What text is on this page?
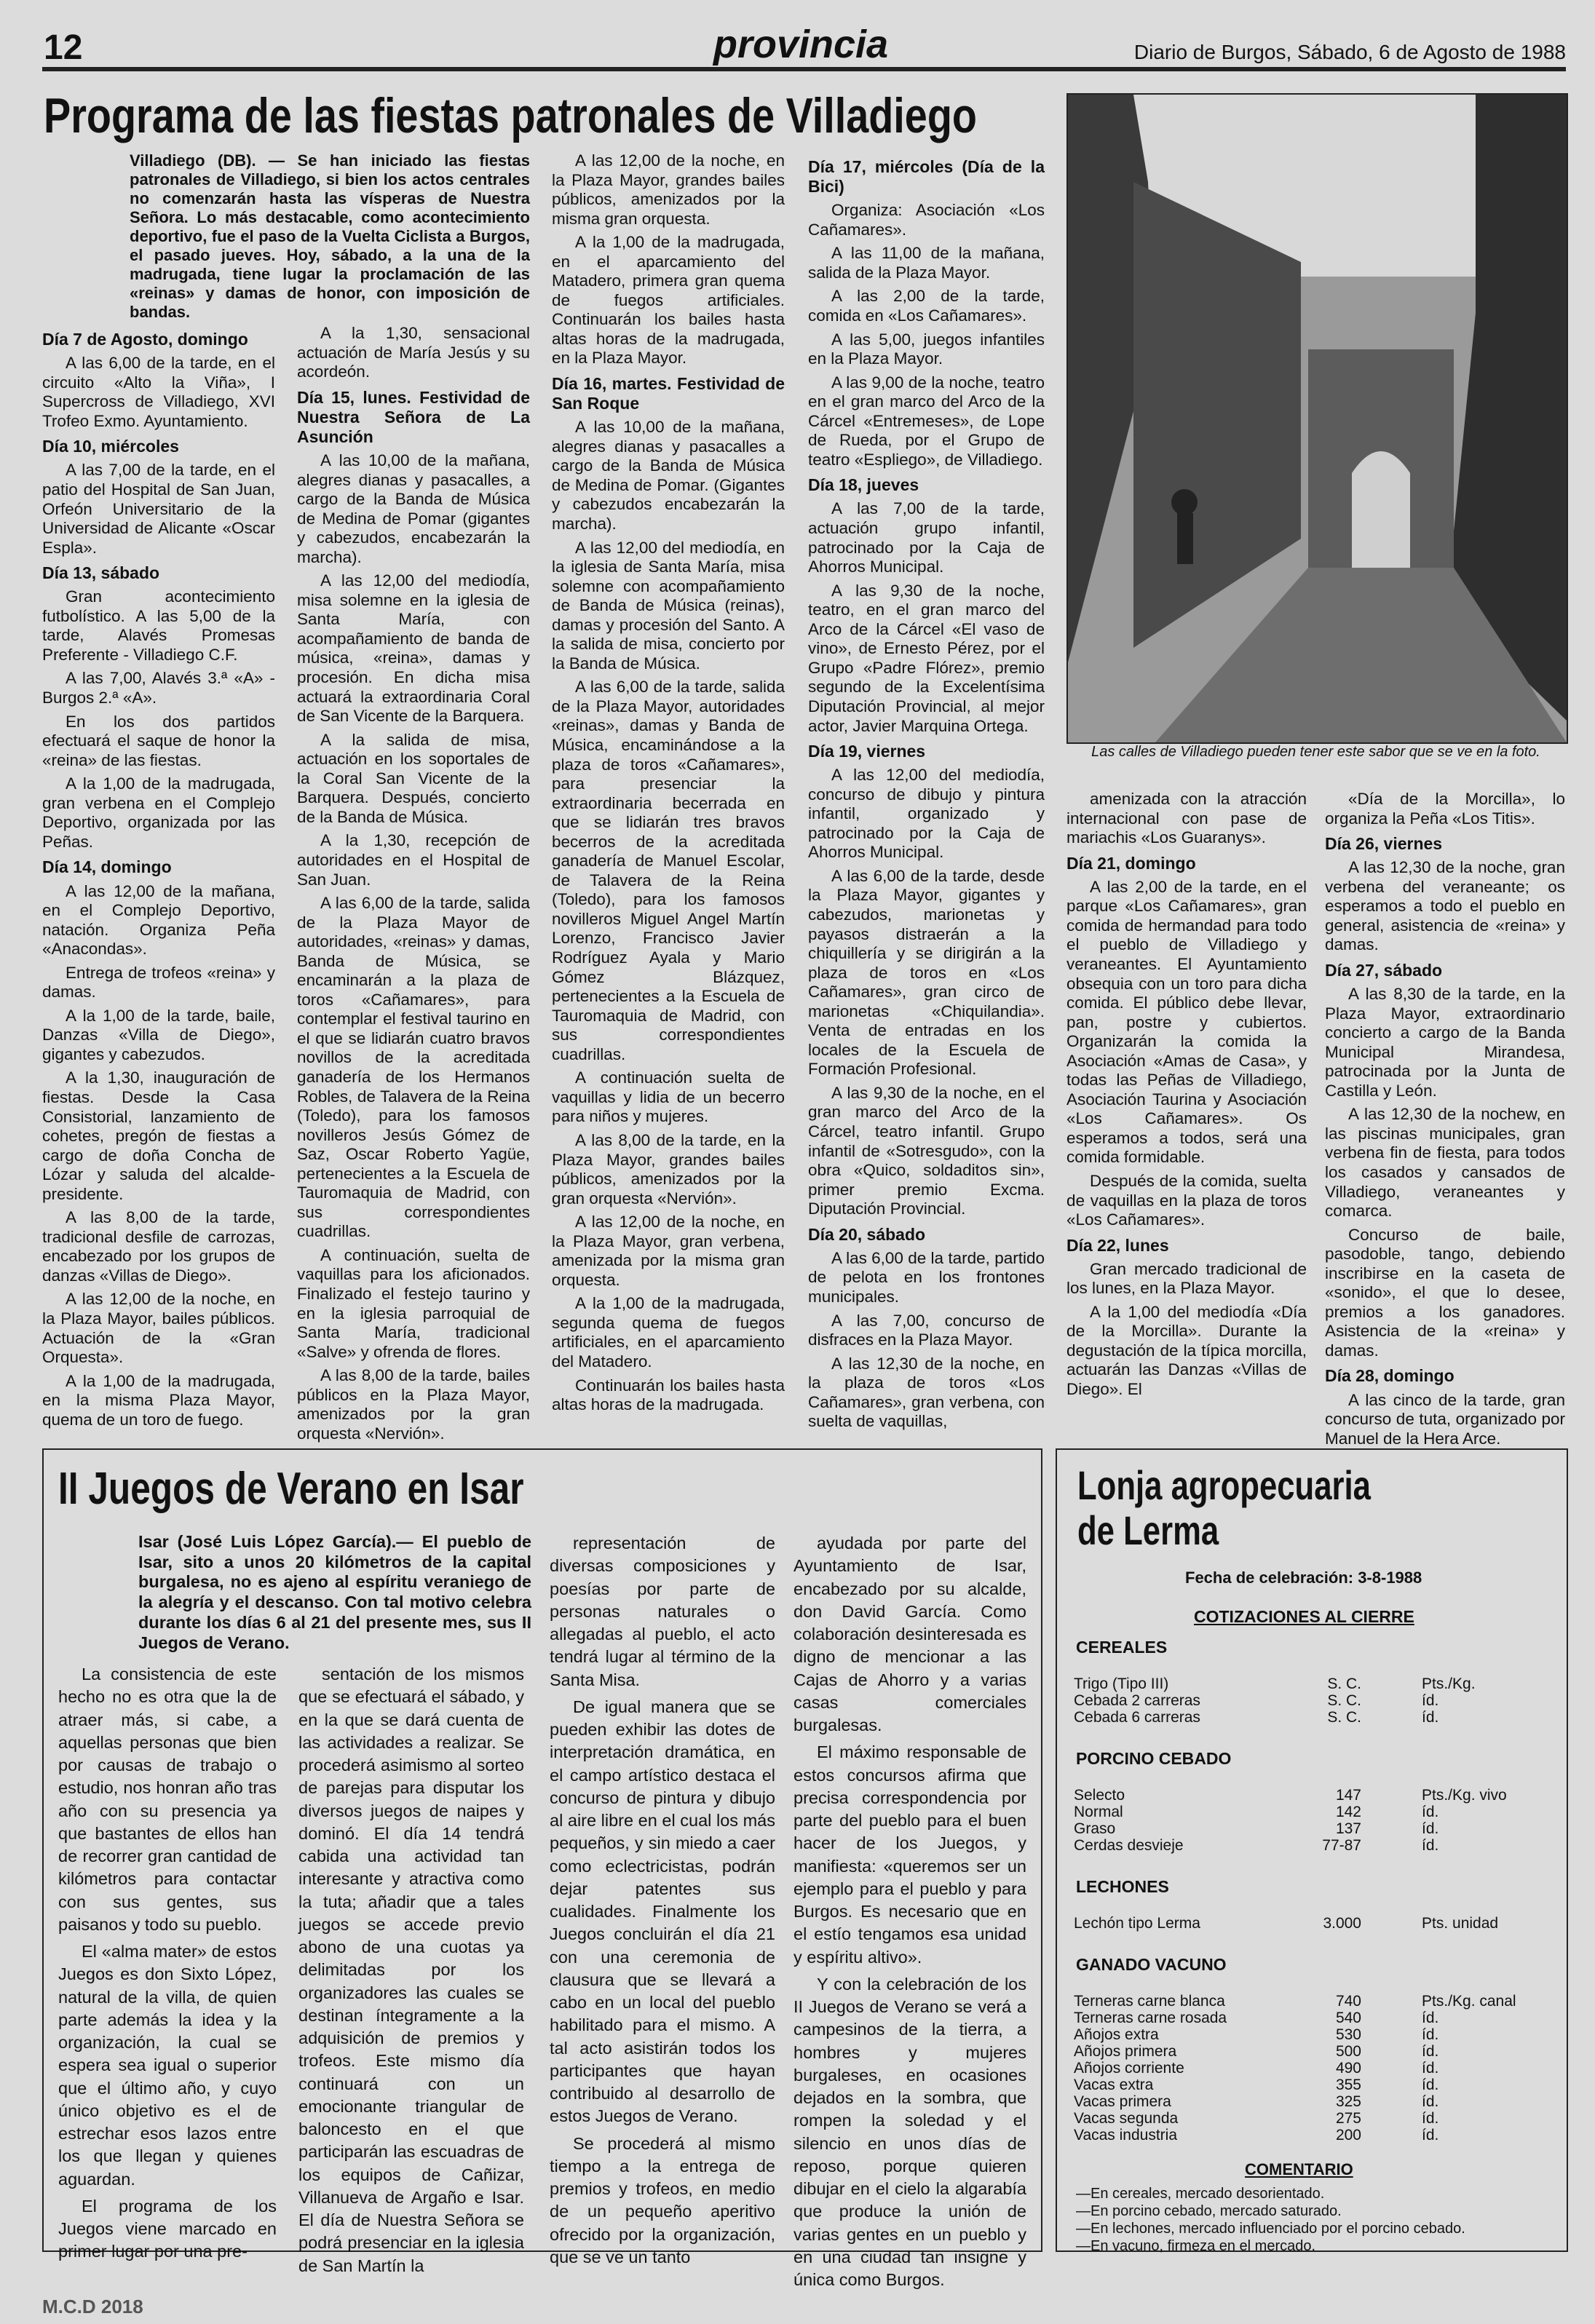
12	provincia	Diario de Burgos, Sábado, 6 de Agosto de 1988
Programa de las fiestas patronales de Villadiego
Villadiego (DB). — Se han iniciado las fiestas patronales de Villadiego, si bien los actos centrales no comenzarán hasta las vísperas de Nuestra Señora. Lo más destacable, como acontecimiento deportivo, fue el paso de la Vuelta Ciclista a Burgos, el pasado jueves. Hoy, sábado, a la una de la madrugada, tiene lugar la proclamación de las «reinas» y damas de honor, con imposición de bandas.
Día 7 de Agosto, domingo

A las 6,00 de la tarde, en el circuito «Alto la Viña», I Supercross de Villadiego, XVI Trofeo Exmo. Ayuntamiento.

Día 10, miércoles

A las 7,00 de la tarde, en el patio del Hospital de San Juan, Orfeón Universitario de la Universidad de Alicante «Oscar Espla».

Día 13, sábado

Gran acontecimiento futbolístico. A las 5,00 de la tarde, Alavés Promesas Preferente - Villadiego C.F.

A las 7,00, Alavés 3.ª «A» - Burgos 2.ª «A».

En los dos partidos efectuará el saque de honor la «reina» de las fiestas.

A la 1,00 de la madrugada, gran verbena en el Complejo Deportivo, organizada por las Peñas.

Día 14, domingo

A las 12,00 de la mañana, en el Complejo Deportivo, natación. Organiza Peña «Anacondas».

Entrega de trofeos «reina» y damas.

A la 1,00 de la tarde, baile, Danzas «Villa de Diego», gigantes y cabezudos.

A la 1,30, inauguración de fiestas. Desde la Casa Consistorial, lanzamiento de cohetes, pregón de fiestas a cargo de doña Concha de Lózar y saluda del alcalde-presidente.

A las 8,00 de la tarde, tradicional desfile de carrozas, encabezado por los grupos de danzas «Villas de Diego».

A las 12,00 de la noche, en la Plaza Mayor, bailes públicos. Actuación de la «Gran Orquesta».

A la 1,00 de la madrugada, en la misma Plaza Mayor, quema de un toro de fuego.

A la 1,30, sensacional actuación de María Jesús y su acordeón.

Día 15, lunes. Festividad de Nuestra Señora de La Asunción

A las 10,00 de la mañana, alegres dianas y pasacalles, a cargo de la Banda de Música de Medina de Pomar (gigantes y cabezudos, encabezarán la marcha).

A las 12,00 del mediodía, misa solemne en la iglesia de Santa María, con acompañamiento de banda de música, «reina», damas y procesión. En dicha misa actuará la extraordinaria Coral de San Vicente de la Barquera.

A la salida de misa, actuación en los soportales de la Coral San Vicente de la Barquera. Después, concierto de la Banda de Música.

A la 1,30, recepción de autoridades en el Hospital de San Juan.

A las 6,00 de la tarde, salida de la Plaza Mayor de autoridades, «reinas» y damas, Banda de Música, se encaminarán a la plaza de toros «Cañamares», para contemplar el festival taurino en el que se lidiarán cuatro bravos novillos de la acreditada ganadería de los Hermanos Robles, de Talavera de la Reina (Toledo), para los famosos novilleros Jesús Gómez de Saz, Oscar Roberto Yagüe, pertenecientes a la Escuela de Tauromaquia de Madrid, con sus correspondientes cuadrillas.

A continuación, suelta de vaquillas para los aficionados. Finalizado el festejo taurino y en la iglesia parroquial de Santa María, tradicional «Salve» y ofrenda de flores.

A las 8,00 de la tarde, bailes públicos en la Plaza Mayor, amenizados por la gran orquesta «Nervión».

A las 12,00 de la noche, en la Plaza Mayor, grandes bailes públicos, amenizados por la misma gran orquesta.

A la 1,00 de la madrugada, en el aparcamiento del Matadero, primera gran quema de fuegos artificiales. Continuarán los bailes hasta altas horas de la madrugada, en la Plaza Mayor.

Día 16, martes. Festividad de San Roque

A las 10,00 de la mañana, alegres dianas y pasacalles a cargo de la Banda de Música de Medina de Pomar. (Gigantes y cabezudos encabezarán la marcha).

A las 12,00 del mediodía, en la iglesia de Santa María, misa solemne con acompañamiento de Banda de Música (reinas), damas y procesión del Santo. A la salida de misa, concierto por la Banda de Música.

A las 6,00 de la tarde, salida de la Plaza Mayor, autoridades «reinas», damas y Banda de Música, encaminándose a la plaza de toros «Cañamares», para presenciar la extraordinaria becerrada en que se lidiarán tres bravos becerros de la acreditada ganadería de Manuel Escolar, de Talavera de la Reina (Toledo), para los famosos novilleros Miguel Angel Martín Lorenzo, Francisco Javier Rodríguez Ayala y Mario Gómez Blázquez, pertenecientes a la Escuela de Tauromaquia de Madrid, con sus correspondientes cuadrillas.

A continuación suelta de vaquillas y lidia de un becerro para niños y mujeres.

A las 8,00 de la tarde, en la Plaza Mayor, grandes bailes públicos, amenizados por la gran orquesta «Nervión».

A las 12,00 de la noche, en la Plaza Mayor, gran verbena, amenizada por la misma gran orquesta.

A la 1,00 de la madrugada, segunda quema de fuegos artificiales, en el aparcamiento del Matadero.

Continuarán los bailes hasta altas horas de la madrugada.

Día 17, miércoles (Día de la Bici)

Organiza: Asociación «Los Cañamares».

A las 11,00 de la mañana, salida de la Plaza Mayor.

A las 2,00 de la tarde, comida en «Los Cañamares».

A las 5,00, juegos infantiles en la Plaza Mayor.

A las 9,00 de la noche, teatro en el gran marco del Arco de la Cárcel «Entremeses», de Lope de Rueda, por el Grupo de teatro «Espliego», de Villadiego.

Día 18, jueves

A las 7,00 de la tarde, actuación grupo infantil, patrocinado por la Caja de Ahorros Municipal.

A las 9,30 de la noche, teatro, en el gran marco del Arco de la Cárcel «El vaso de vino», de Ernesto Pérez, por el Grupo «Padre Flórez», premio segundo de la Excelentísima Diputación Provincial, al mejor actor, Javier Marquina Ortega.

Día 19, viernes

A las 12,00 del mediodía, concurso de dibujo y pintura infantil, organizado y patrocinado por la Caja de Ahorros Municipal.

A las 6,00 de la tarde, desde la Plaza Mayor, gigantes y cabezudos, marionetas y payasos distraerán a la chiquillería y se dirigirán a la plaza de toros en «Los Cañamares», gran circo de marionetas «Chiquilandia». Venta de entradas en los locales de la Escuela de Formación Profesional.

A las 9,30 de la noche, en el gran marco del Arco de la Cárcel, teatro infantil. Grupo infantil de «Sotresgudo», con la obra «Quico, soldaditos sin», primer premio Excma. Diputación Provincial.

Día 20, sábado

A las 6,00 de la tarde, partido de pelota en los frontones municipales.

A las 7,00, concurso de disfraces en la Plaza Mayor.

A las 12,30 de la noche, en la plaza de toros «Los Cañamares», gran verbena, con suelta de vaquillas,

amenizada con la atracción internacional con pase de mariachis «Los Guaranys».

Día 21, domingo

A las 2,00 de la tarde, en el parque «Los Cañamares», gran comida de hermandad para todo el pueblo de Villadiego y veraneantes. El Ayuntamiento obsequia con un toro para dicha comida. El público debe llevar, pan, postre y cubiertos. Organizarán la comida la Asociación «Amas de Casa», y todas las Peñas de Villadiego, Asociación Taurina y Asociación «Los Cañamares». Os esperamos a todos, será una comida formidable.

Después de la comida, suelta de vaquillas en la plaza de toros «Los Cañamares».

Día 22, lunes

Gran mercado tradicional de los lunes, en la Plaza Mayor.

A la 1,00 del mediodía «Día de la Morcilla». Durante la degustación de la típica morcilla, actuarán las Danzas «Villas de Diego». El

«Día de la Morcilla», lo organiza la Peña «Los Titis».

Día 26, viernes

A las 12,30 de la noche, gran verbena del veraneante; os esperamos a todo el pueblo en general, asistencia de «reina» y damas.

Día 27, sábado

A las 8,30 de la tarde, en la Plaza Mayor, extraordinario concierto a cargo de la Banda Municipal Mirandesa, patrocinada por la Junta de Castilla y León.

A las 12,30 de la nochew, en las piscinas municipales, gran verbena fin de fiesta, para todos los casados y cansados de Villadiego, veraneantes y comarca.

Concurso de baile, pasodoble, tango, debiendo inscribirse en la caseta de «sonido», el que lo desee, premios a los ganadores. Asistencia de la «reina» y damas.

Día 28, domingo

A las cinco de la tarde, gran concurso de tuta, organizado por Manuel de la Hera Arce.

Las calles de Villadiego pueden tener este sabor que se ve en la foto.
II Juegos de Verano en Isar
Isar (José Luis López García).— El pueblo de Isar, sito a unos 20 kilómetros de la capital burgalesa, no es ajeno al espíritu veraniego de la alegría y el descanso. Con tal motivo celebra durante los días 6 al 21 del presente mes, sus II Juegos de Verano.

La consistencia de este hecho no es otra que la de atraer más, si cabe, a aquellas personas que bien por causas de trabajo o estudio, nos honran año tras año con su presencia ya que bastantes de ellos han de recorrer gran cantidad de kilómetros para contactar con sus gentes, sus paisanos y todo su pueblo.

El «alma mater» de estos Juegos es don Sixto López, natural de la villa, de quien parte además la idea y la organización, la cual se espera sea igual o superior que el último año, y cuyo único objetivo es el de estrechar esos lazos entre los que llegan y quienes aguardan.

El programa de los Juegos viene marcado en primer lugar por una pre-

sentación de los mismos que se efectuará el sábado, y en la que se dará cuenta de las actividades a realizar. Se procederá asimismo al sorteo de parejas para disputar los diversos juegos de naipes y dominó. El día 14 tendrá cabida una actividad tan interesante y atractiva como la tuta; añadir que a tales juegos se accede previo abono de una cuotas ya delimitadas por los organizadores las cuales se destinan íntegramente a la adquisición de premios y trofeos. Este mismo día continuará con un emocionante triangular de baloncesto en el que participarán las escuadras de los equipos de Cañizar, Villanueva de Argaño e Isar. El día de Nuestra Señora se podrá presenciar en la iglesia de San Martín la

representación de diversas composiciones y poesías por parte de personas naturales o allegadas al pueblo, el acto tendrá lugar al término de la Santa Misa.

De igual manera que se pueden exhibir las dotes de interpretación dramática, en el campo artístico destaca el concurso de pintura y dibujo al aire libre en el cual los más pequeños, y sin miedo a caer como eclectricistas, podrán dejar patentes sus cualidades. Finalmente los Juegos concluirán el día 21 con una ceremonia de clausura que se llevará a cabo en un local del pueblo habilitado para el mismo. A tal acto asistirán todos los participantes que hayan contribuido al desarrollo de estos Juegos de Verano.

Se procederá al mismo tiempo a la entrega de premios y trofeos, en medio de un pequeño aperitivo ofrecido por la organización, que se ve un tanto

ayudada por parte del Ayuntamiento de Isar, encabezado por su alcalde, don David García. Como colaboración desinteresada es digno de mencionar a las Cajas de Ahorro y a varias casas comerciales burgalesas.

El máximo responsable de estos concursos afirma que precisa correspondencia por parte del pueblo para el buen hacer de los Juegos, y manifiesta: «queremos ser un ejemplo para el pueblo y para Burgos. Es necesario que en el estío tengamos esa unidad y espíritu altivo».

Y con la celebración de los II Juegos de Verano se verá a campesinos de la tierra, a hombres y mujeres burgaleses, en ocasiones dejados en la sombra, que rompen la soledad y el silencio en unos días de reposo, porque quieren dibujar en el cielo la algarabía que produce la unión de varias gentes en un pueblo y en una ciudad tan insigne y única como Burgos.

Lonja agropecuaria
de Lerma
Fecha de celebración: 3-8-1988
COTIZACIONES AL CIERRE
CEREALES
Trigo (Tipo III)	S. C.	Pts./Kg.
Cebada 2 carreras	S. C.	íd.
Cebada 6 carreras	S. C.	íd.
PORCINO CEBADO
Selecto	147	Pts./Kg. vivo
Normal	142	íd.
Graso	137	íd.
Cerdas desvieje	77-87	íd.
LECHONES
Lechón tipo Lerma	3.000	Pts. unidad
GANADO VACUNO
Terneras carne blanca	740	Pts./Kg. canal
Terneras carne rosada	540	íd.
Añojos extra	530	íd.
Añojos primera	500	íd.
Añojos corriente	490	íd.
Vacas extra	355	íd.
Vacas primera	325	íd.
Vacas segunda	275	íd.
Vacas industria	200	íd.
COMENTARIO
—En cereales, mercado desorientado.
—En porcino cebado, mercado saturado.
—En lechones, mercado influenciado por el porcino cebado.
—En vacuno, firmeza en el mercado.
M.C.D 2018
